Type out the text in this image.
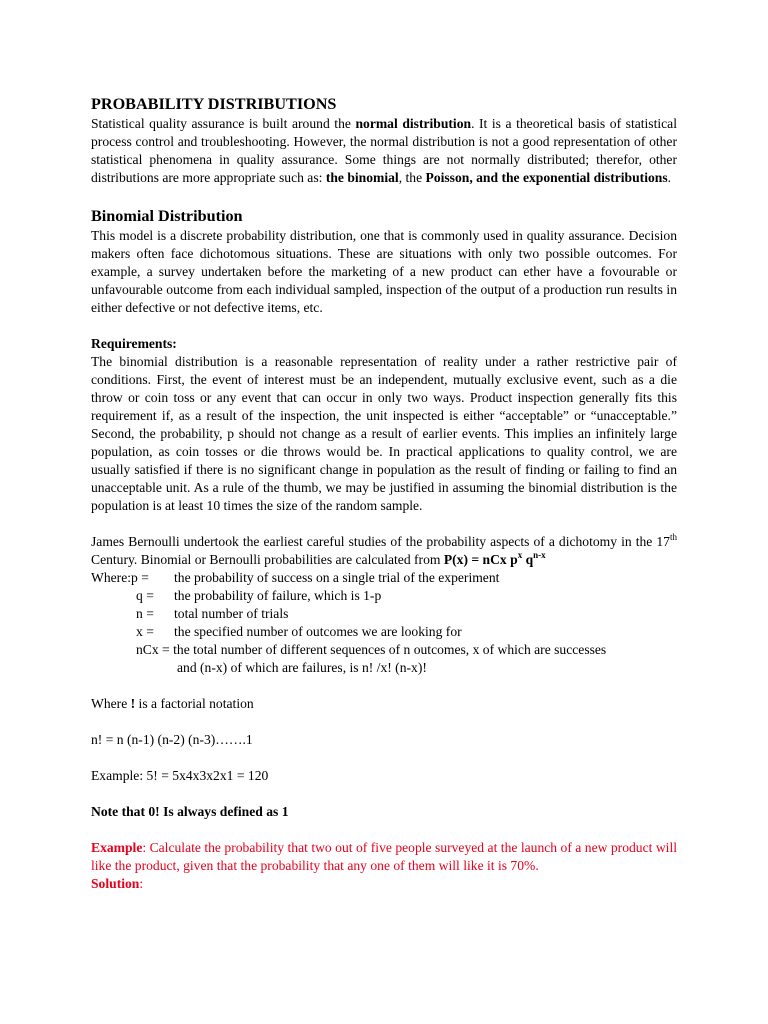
PROBABILITY DISTRIBUTIONS

Statistical quality assurance is built around the normal distribution. It is a theoretical basis of statistical process control and troubleshooting. However, the normal distribution is not a good representation of other statistical phenomena in quality assurance. Some things are not normally distributed; therefor, other distributions are more appropriate such as: the binomial, the Poisson, and the exponential distributions.

Binomial Distribution

This model is a discrete probability distribution, one that is commonly used in quality assurance. Decision makers often face dichotomous situations. These are situations with only two possible outcomes. For example, a survey undertaken before the marketing of a new product can ether have a fovourable or unfavourable outcome from each individual sampled, inspection of the output of a production run results in either defective or not defective items, etc.

Requirements:

The binomial distribution is a reasonable representation of reality under a rather restrictive pair of conditions. First, the event of interest must be an independent, mutually exclusive event, such as a die throw or coin toss or any event that can occur in only two ways. Product inspection generally fits this requirement if, as a result of the inspection, the unit inspected is either “acceptable” or “unacceptable.” Second, the probability, p should not change as a result of earlier events. This implies an infinitely large population, as coin tosses or die throws would be. In practical applications to quality control, we are usually satisfied if there is no significant change in population as the result of finding or failing to find an unacceptable unit. As a rule of the thumb, we may be justified in assuming the binomial distribution is the population is at least 10 times the size of the random sample.

James Bernoulli undertook the earliest careful studies of the probability aspects of a dichotomy in the 17th Century. Binomial or Bernoulli probabilities are calculated from P(x) = nCx $p^x$ $q^{n-x}$

Where:p =	the probability of success on a single trial of the experiment
q =	the probability of failure, which is 1-p
n =	total number of trials
x =	the specified number of outcomes we are looking for
nCx = the total number of different sequences of n outcomes, x of which are successes
and (n-x) of which are failures, is n! /x! (n-x)!
Where ! is a factorial notation
n! = n (n-1) (n-2) (n-3)…….1
Example: 5! = 5x4x3x2x1 = 120
Note that 0! Is always defined as 1

Example: Calculate the probability that two out of five people surveyed at the launch of a new product will like the product, given that the probability that any one of them will like it is 70%.

Solution:
